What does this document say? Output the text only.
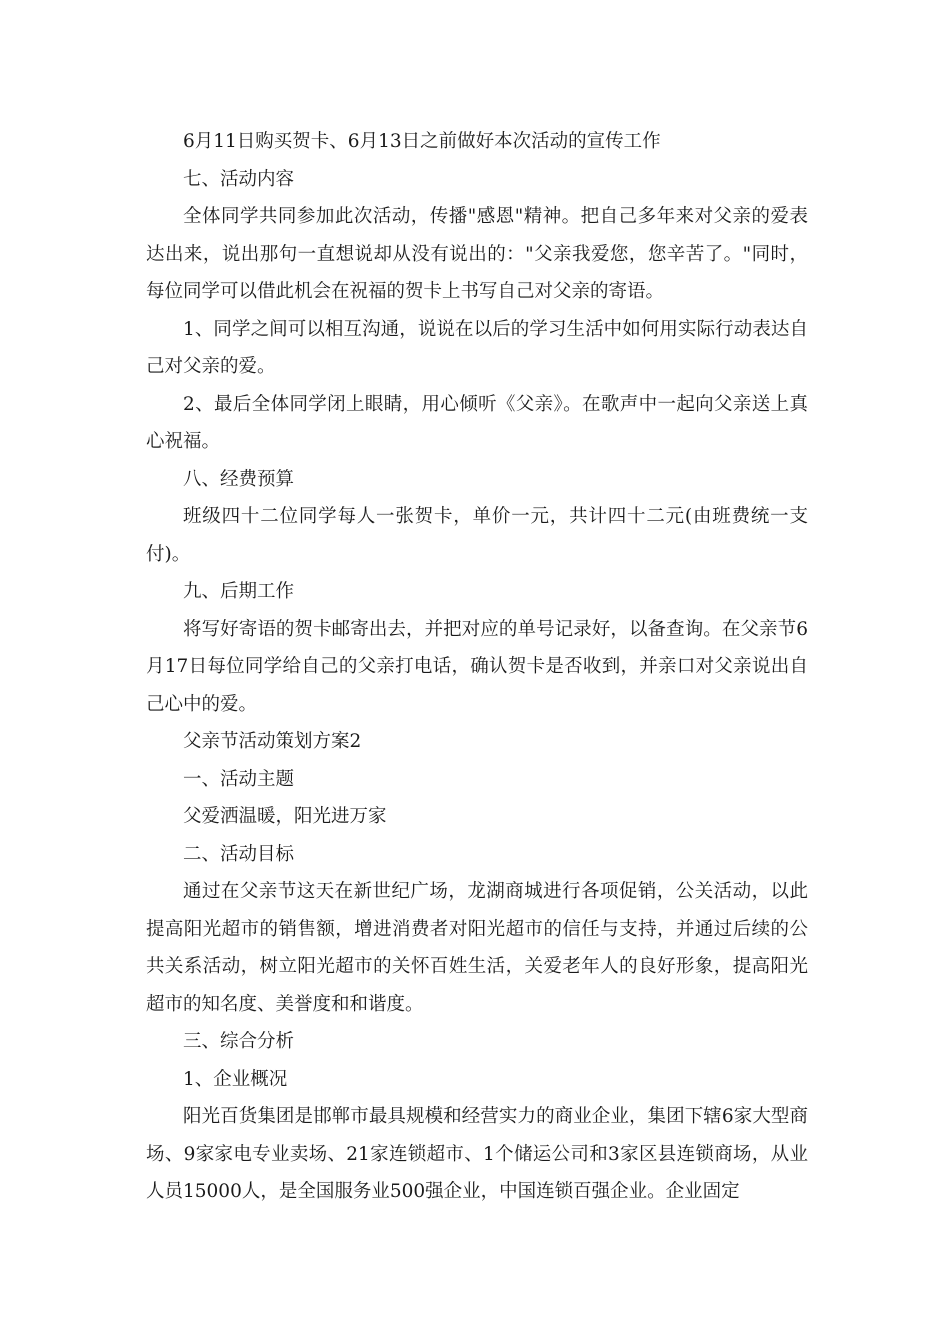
6月11日购买贺卡、6月13日之前做好本次活动的宣传工作

七、活动内容

全体同学共同参加此次活动，传播"感恩"精神。把自己多年来对父亲的爱表达出来，说出那句一直想说却从没有说出的："父亲我爱您，您辛苦了。"同时，每位同学可以借此机会在祝福的贺卡上书写自己对父亲的寄语。

1、同学之间可以相互沟通，说说在以后的学习生活中如何用实际行动表达自己对父亲的爱。

2、最后全体同学闭上眼睛，用心倾听《父亲》。在歌声中一起向父亲送上真心祝福。

八、经费预算

班级四十二位同学每人一张贺卡，单价一元，共计四十二元(由班费统一支付)。

九、后期工作

将写好寄语的贺卡邮寄出去，并把对应的单号记录好，以备查询。在父亲节6月17日每位同学给自己的父亲打电话，确认贺卡是否收到，并亲口对父亲说出自己心中的爱。

父亲节活动策划方案2

一、活动主题

父爱洒温暖，阳光进万家

二、活动目标

通过在父亲节这天在新世纪广场，龙湖商城进行各项促销，公关活动，以此提高阳光超市的销售额，增进消费者对阳光超市的信任与支持，并通过后续的公共关系活动，树立阳光超市的关怀百姓生活，关爱老年人的良好形象，提高阳光超市的知名度、美誉度和和谐度。

三、综合分析

1、企业概况

阳光百货集团是邯郸市最具规模和经营实力的商业企业，集团下辖6家大型商场、9家家电专业卖场、21家连锁超市、1个储运公司和3家区县连锁商场，从业人员15000人，是全国服务业500强企业，中国连锁百强企业。企业固定
